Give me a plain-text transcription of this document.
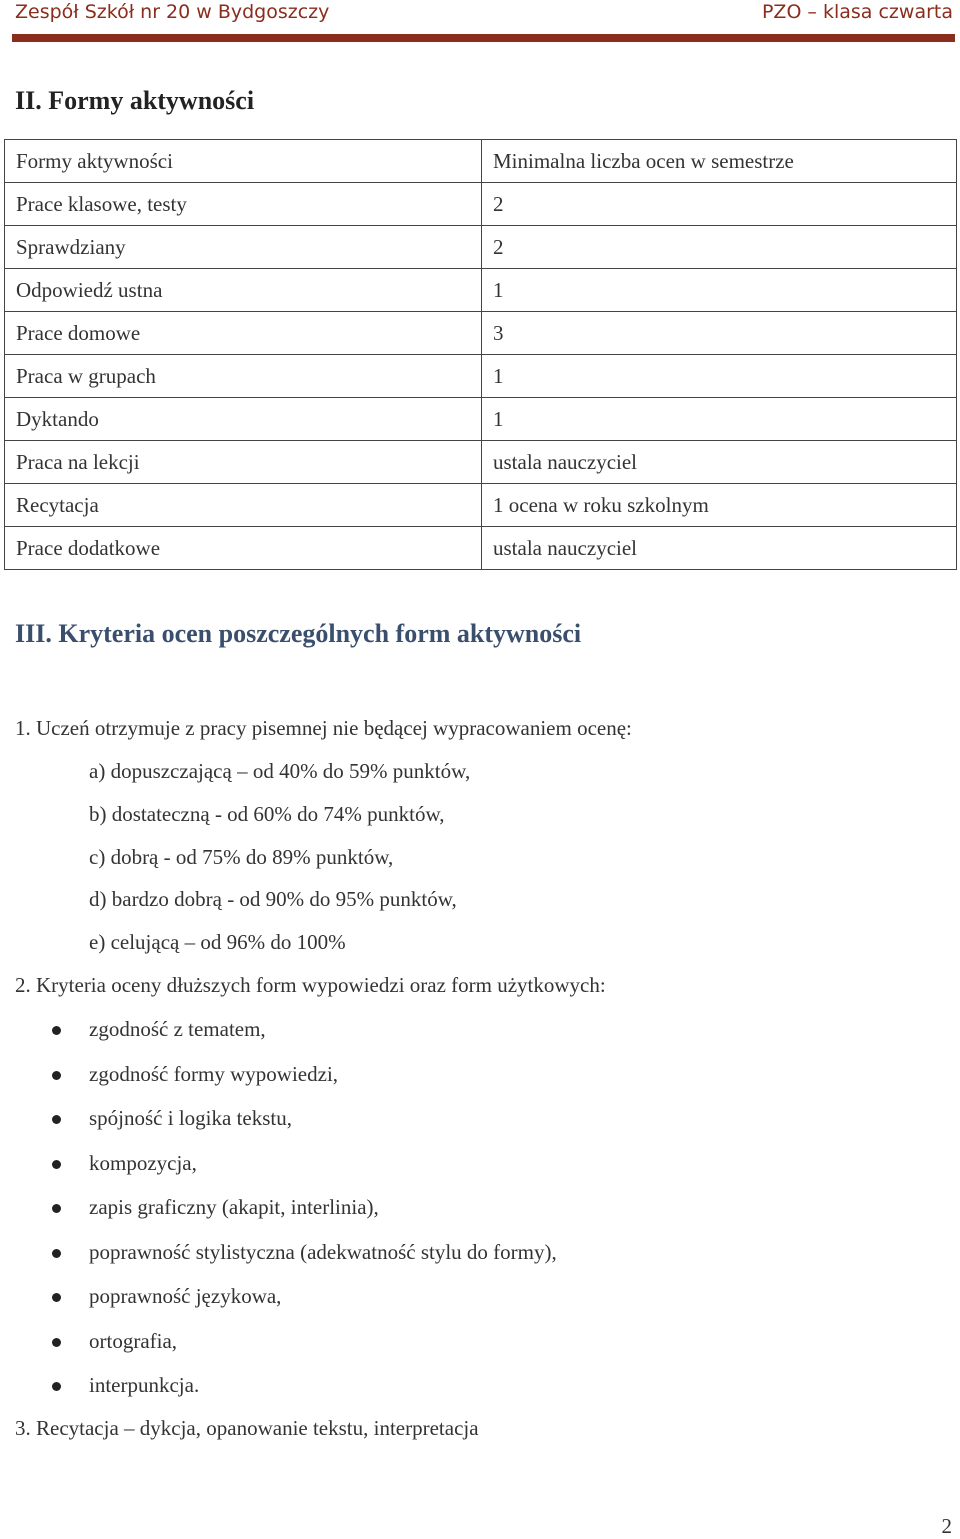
Zespół Szkół nr 20 w Bydgoszczy	PZO – klasa czwarta
II. Formy aktywności
Formy aktywności	Minimalna liczba ocen w semestrze
Prace klasowe, testy	2
Sprawdziany	2
Odpowiedź ustna	1
Prace domowe	3
Praca w grupach	1
Dyktando	1
Praca na lekcji	ustala nauczyciel
Recytacja	1 ocena w roku szkolnym
Prace dodatkowe	ustala nauczyciel
III. Kryteria ocen poszczególnych form aktywności
1. Uczeń otrzymuje z pracy pisemnej nie będącej wypracowaniem ocenę:
a) dopuszczającą – od 40% do 59% punktów,
b) dostateczną - od 60% do 74% punktów,
c) dobrą - od 75% do 89% punktów,
d) bardzo dobrą - od 90% do 95% punktów,
e) celującą – od 96% do 100%
2. Kryteria oceny dłuższych form wypowiedzi oraz form użytkowych:
zgodność z tematem,
zgodność formy wypowiedzi,
spójność i logika tekstu,
kompozycja,
zapis graficzny (akapit, interlinia),
poprawność stylistyczna (adekwatność stylu do formy),
poprawność językowa,
ortografia,
interpunkcja.
3. Recytacja – dykcja, opanowanie tekstu, interpretacja
2
